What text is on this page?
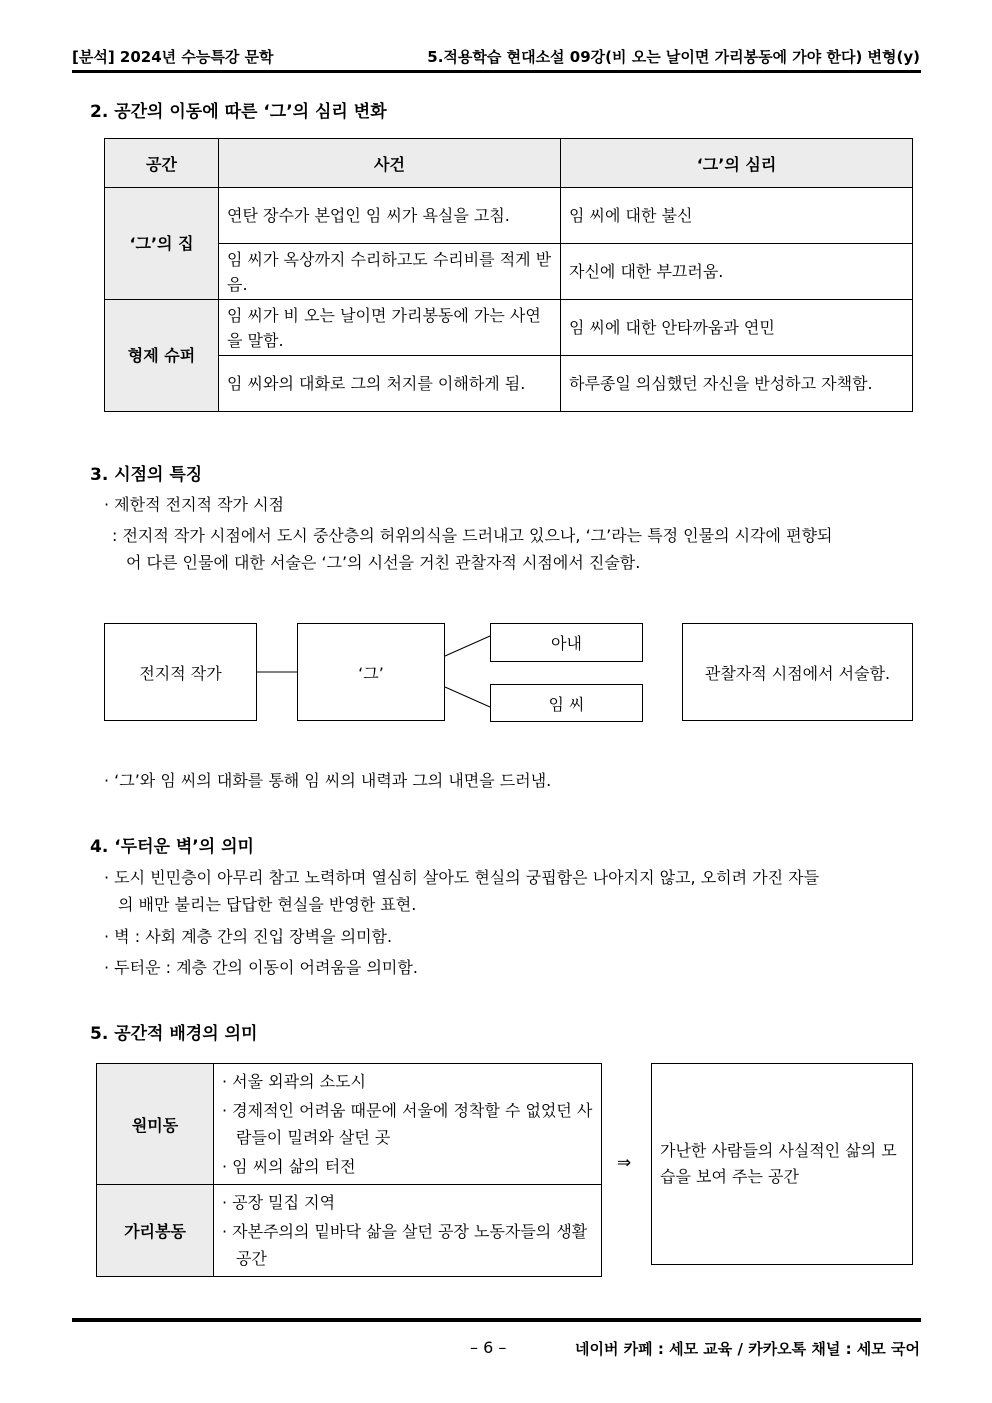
[분석] 2024년 수능특강 문학	5.적용학습 현대소설 09강(비 오는 날이면 가리봉동에 가야 한다) 변형(y)
2. 공간의 이동에 따른 ‘그’의 심리 변화
공간	사건	‘그’의 심리
‘그’의 집	연탄 장수가 본업인 임 씨가 욕실을 고침.	임 씨에 대한 불신
	임 씨가 옥상까지 수리하고도 수리비를 적게 받음.	자신에 대한 부끄러움.
형제 슈퍼	임 씨가 비 오는 날이면 가리봉동에 가는 사연을 말함.	임 씨에 대한 안타까움과 연민
	임 씨와의 대화로 그의 처지를 이해하게 됨.	하루종일 의심했던 자신을 반성하고 자책함.
3. 시점의 특징
· 제한적 전지적 작가 시점
: 전지적 작가 시점에서 도시 중산층의 허위의식을 드러내고 있으나, ‘그’라는 특정 인물의 시각에 편향되
어 다른 인물에 대한 서술은 ‘그’의 시선을 거친 관찰자적 시점에서 진술함.
전지적 작가	‘그’
아내
임 씨
관찰자적 시점에서 서술함.
· ‘그’와 임 씨의 대화를 통해 임 씨의 내력과 그의 내면을 드러냄.
4. ‘두터운 벽’의 의미
· 도시 빈민층이 아무리 참고 노력하며 열심히 살아도 현실의 궁핍함은 나아지지 않고, 오히려 가진 자들
의 배만 불리는 답답한 현실을 반영한 표현.
· 벽 : 사회 계층 간의 진입 장벽을 의미함.
· 두터운 : 계층 간의 이동이 어려움을 의미함.
5. 공간적 배경의 의미
원미동	· 서울 외곽의 소도시
· 경제적인 어려움 때문에 서울에 정착할 수 없었던 사람들이 밀려와 살던 곳
· 임 씨의 삶의 터전

가리봉동	· 공장 밀집 지역
· 자본주의의 밑바닥 삶을 살던 공장 노동자들의 생활 공간
⇒
가난한 사람들의 사실적인 삶의 모습을 보여 주는 공간
– 6 –	네이버 카페 : 세모 교육 / 카카오톡 채널 : 세모 국어
